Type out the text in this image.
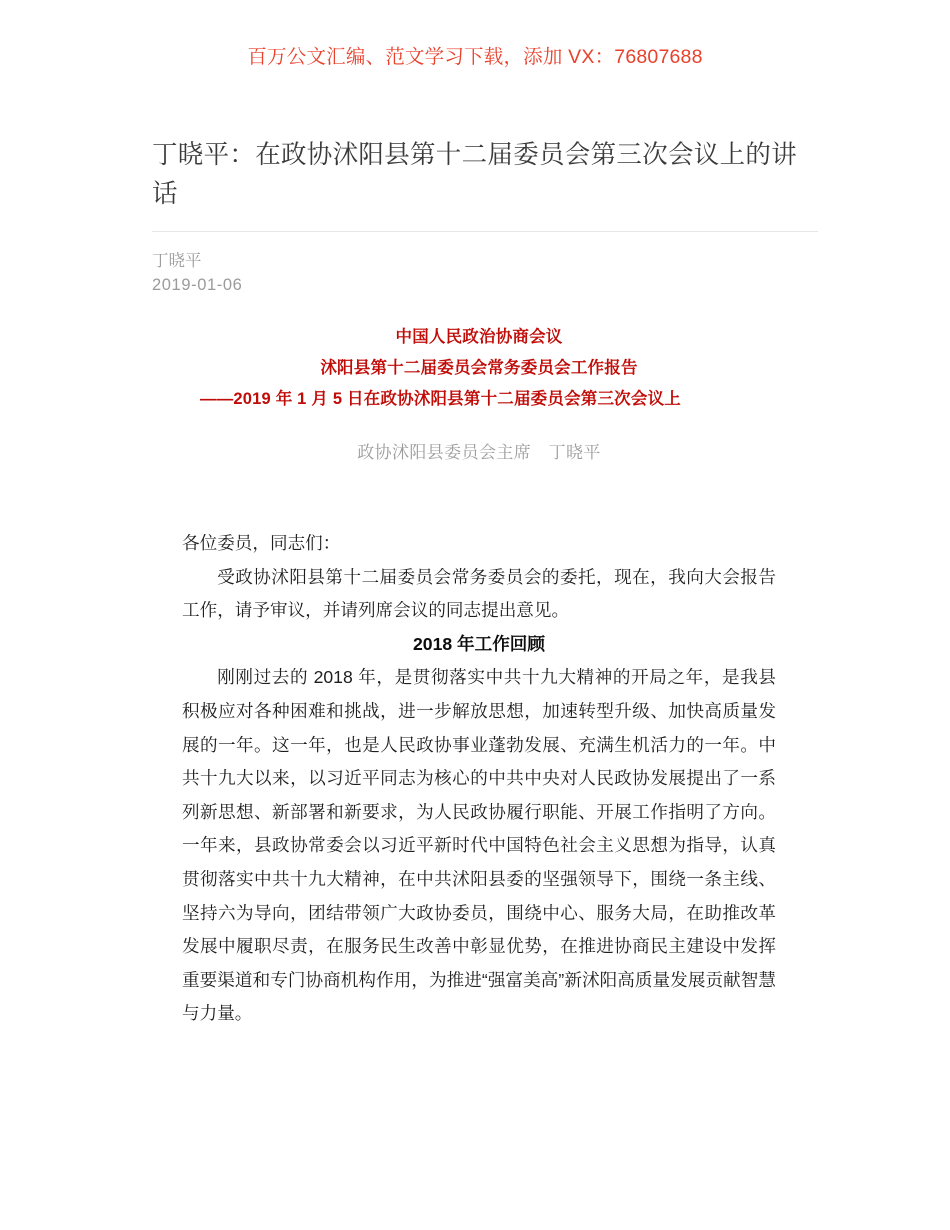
百万公文汇编、范文学习下载，添加 VX：76807688
丁晓平：在政协沭阳县第十二届委员会第三次会议上的讲话
丁晓平
2019-01-06

中国人民政治协商会议

沭阳县第十二届委员会常务委员会工作报告

——2019 年 1 月 5 日在政协沭阳县第十二届委员会第三次会议上

政协沭阳县委员会主席　丁晓平

各位委员，同志们：

受政协沭阳县第十二届委员会常务委员会的委托，现在，我向大会报告工作，请予审议，并请列席会议的同志提出意见。

2018 年工作回顾

刚刚过去的 2018 年，是贯彻落实中共十九大精神的开局之年，是我县积极应对各种困难和挑战，进一步解放思想，加速转型升级、加快高质量发展的一年。这一年，也是人民政协事业蓬勃发展、充满生机活力的一年。中共十九大以来，以习近平同志为核心的中共中央对人民政协发展提出了一系列新思想、新部署和新要求，为人民政协履行职能、开展工作指明了方向。一年来，县政协常委会以习近平新时代中国特色社会主义思想为指导，认真贯彻落实中共十九大精神，在中共沭阳县委的坚强领导下，围绕一条主线、坚持六为导向，团结带领广大政协委员，围绕中心、服务大局，在助推改革发展中履职尽责，在服务民生改善中彰显优势，在推进协商民主建设中发挥重要渠道和专门协商机构作用，为推进“强富美高”新沭阳高质量发展贡献智慧与力量。
